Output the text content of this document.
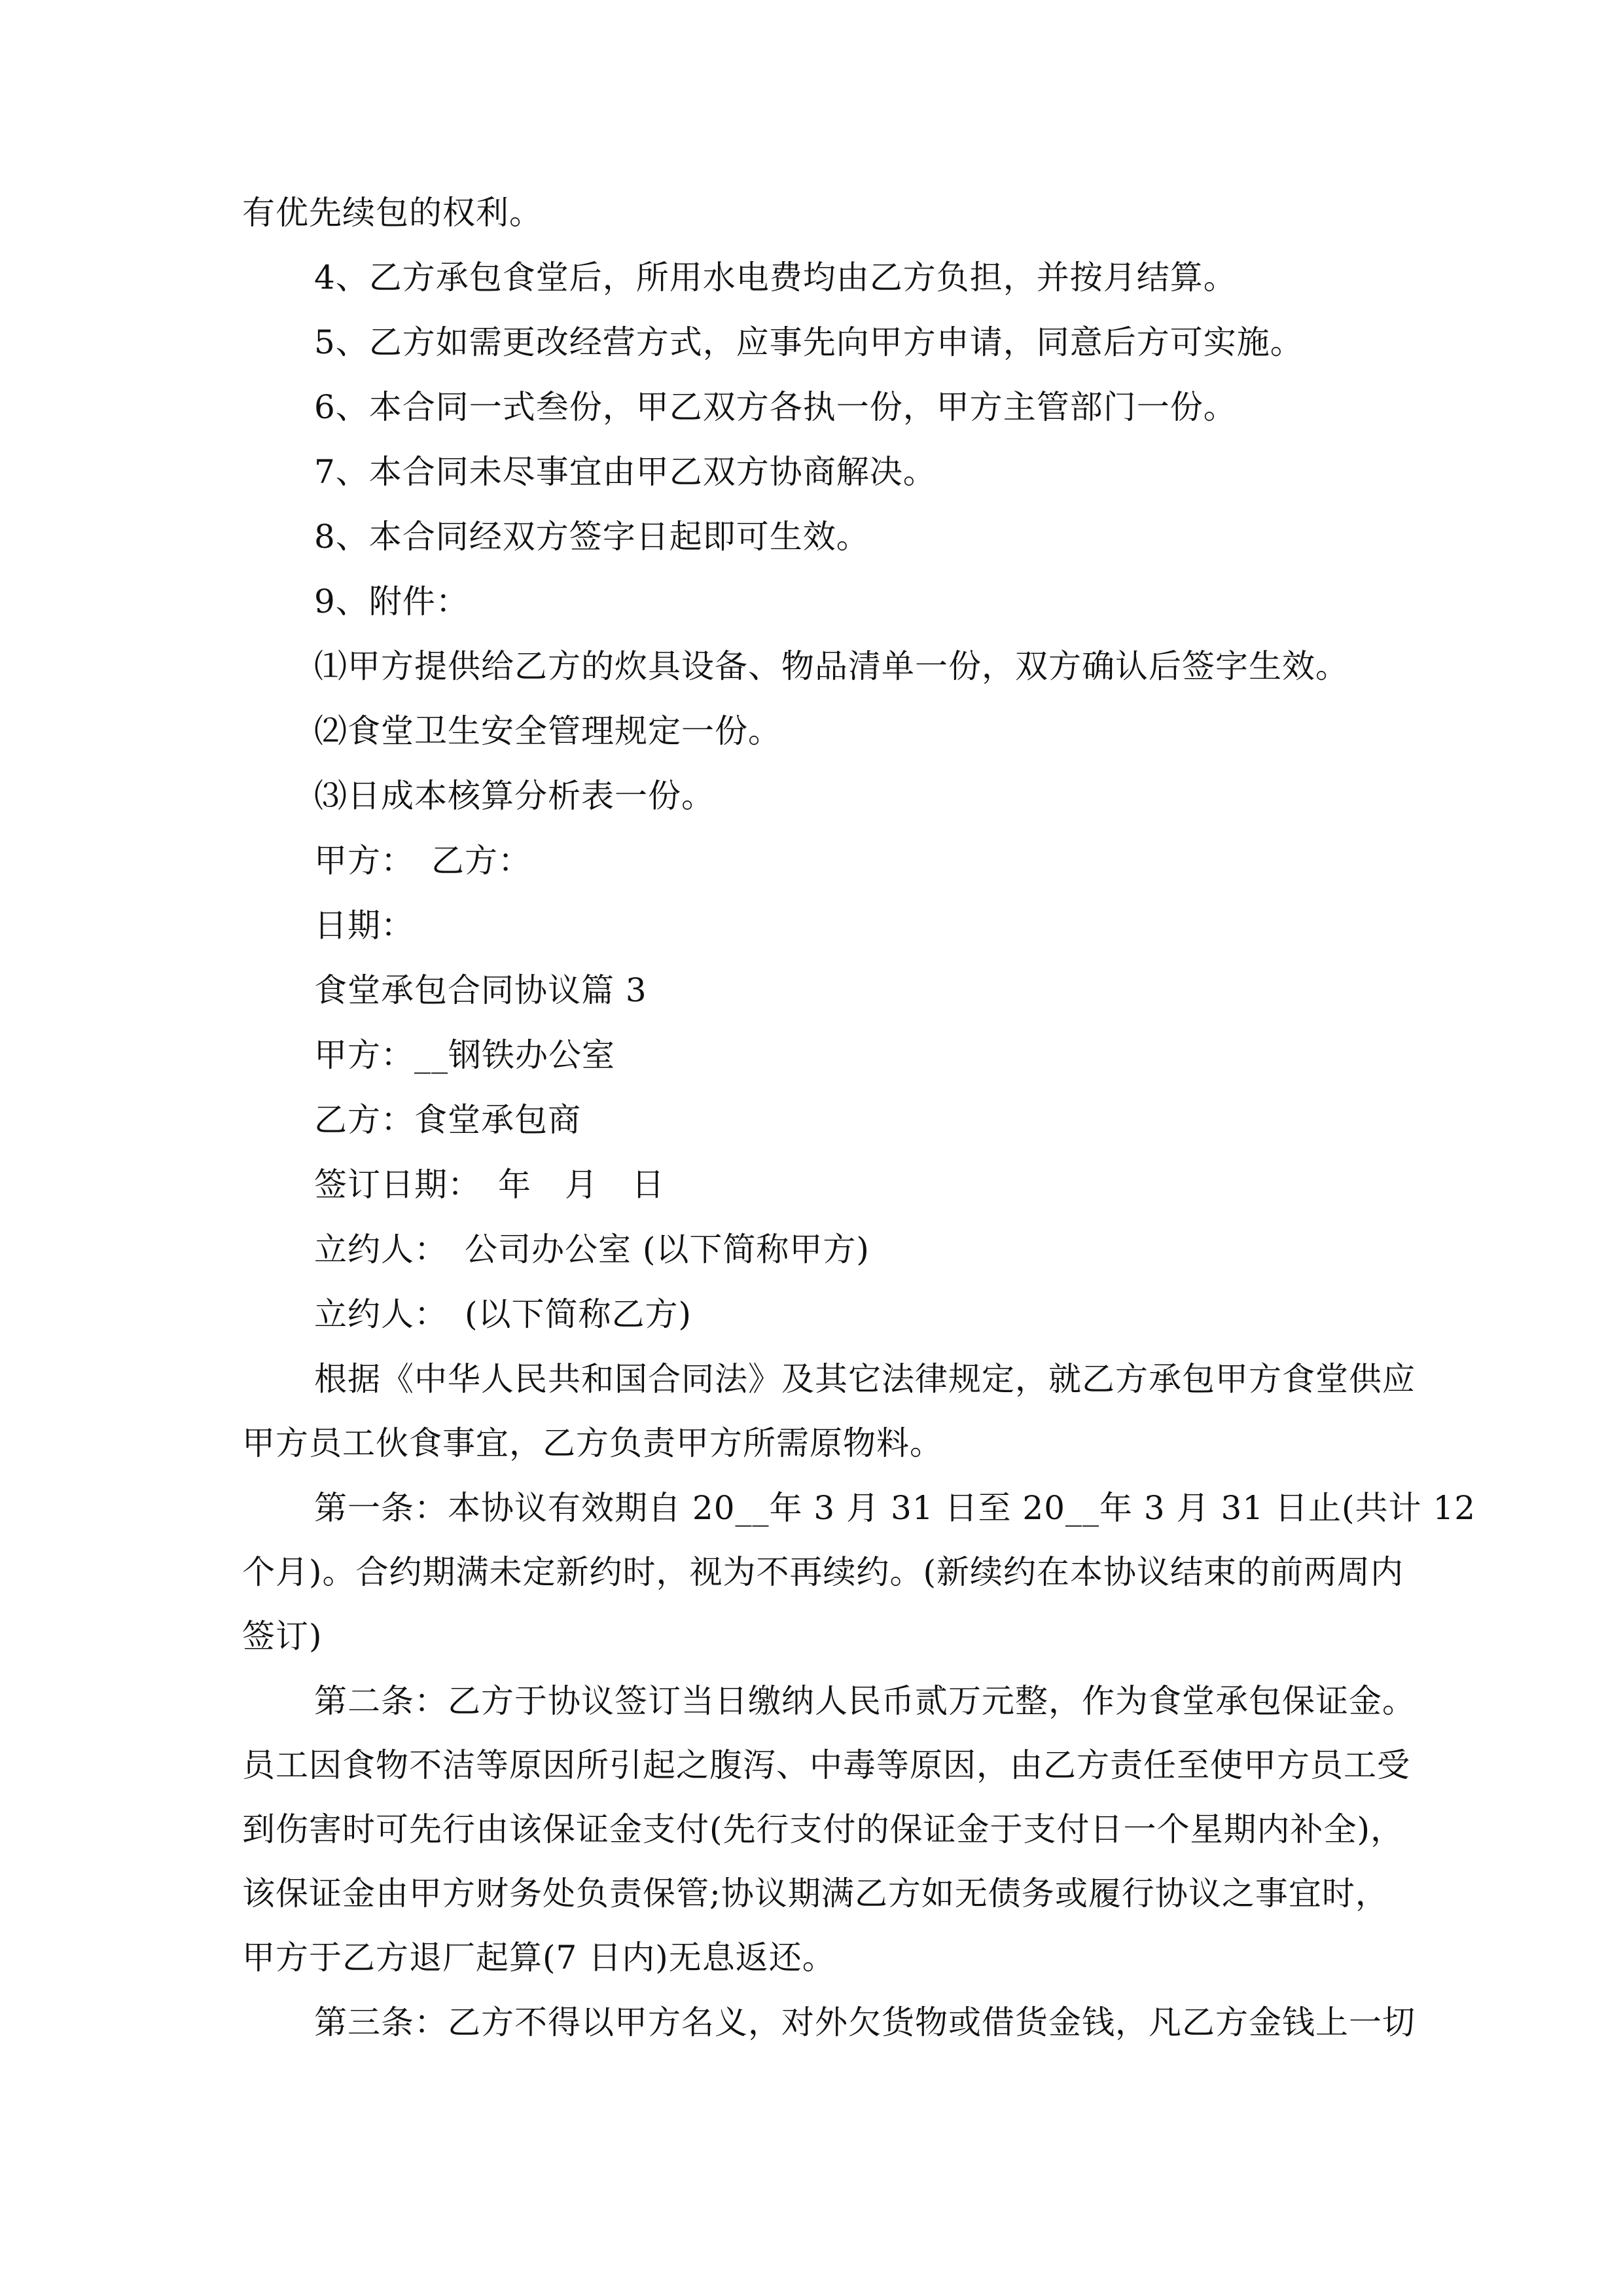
有优先续包的权利。
4、乙方承包食堂后，所用水电费均由乙方负担，并按月结算。
5、乙方如需更改经营方式，应事先向甲方申请，同意后方可实施。
6、本合同一式叁份，甲乙双方各执一份，甲方主管部门一份。
7、本合同未尽事宜由甲乙双方协商解决。
8、本合同经双方签字日起即可生效。
9、附件：
⑴甲方提供给乙方的炊具设备、物品清单一份，双方确认后签字生效。
⑵食堂卫生安全管理规定一份。
⑶日成本核算分析表一份。
甲方：　乙方：
日期：
食堂承包合同协议篇 3
甲方：__钢铁办公室
乙方：食堂承包商
签订日期：　年　月　日
立约人：　公司办公室 (以下简称甲方)
立约人：　(以下简称乙方)
根据《中华人民共和国合同法》及其它法律规定，就乙方承包甲方食堂供应
甲方员工伙食事宜，乙方负责甲方所需原物料。
第一条：本协议有效期自 20__年 3 月 31 日至 20__年 3 月 31 日止(共计 12
个月)。合约期满未定新约时，视为不再续约。(新续约在本协议结束的前两周内
签订)
第二条：乙方于协议签订当日缴纳人民币贰万元整，作为食堂承包保证金。
员工因食物不洁等原因所引起之腹泻、中毒等原因，由乙方责任至使甲方员工受
到伤害时可先行由该保证金支付(先行支付的保证金于支付日一个星期内补全)，
该保证金由甲方财务处负责保管;协议期满乙方如无债务或履行协议之事宜时，
甲方于乙方退厂起算(7 日内)无息返还。
第三条：乙方不得以甲方名义，对外欠货物或借货金钱，凡乙方金钱上一切
